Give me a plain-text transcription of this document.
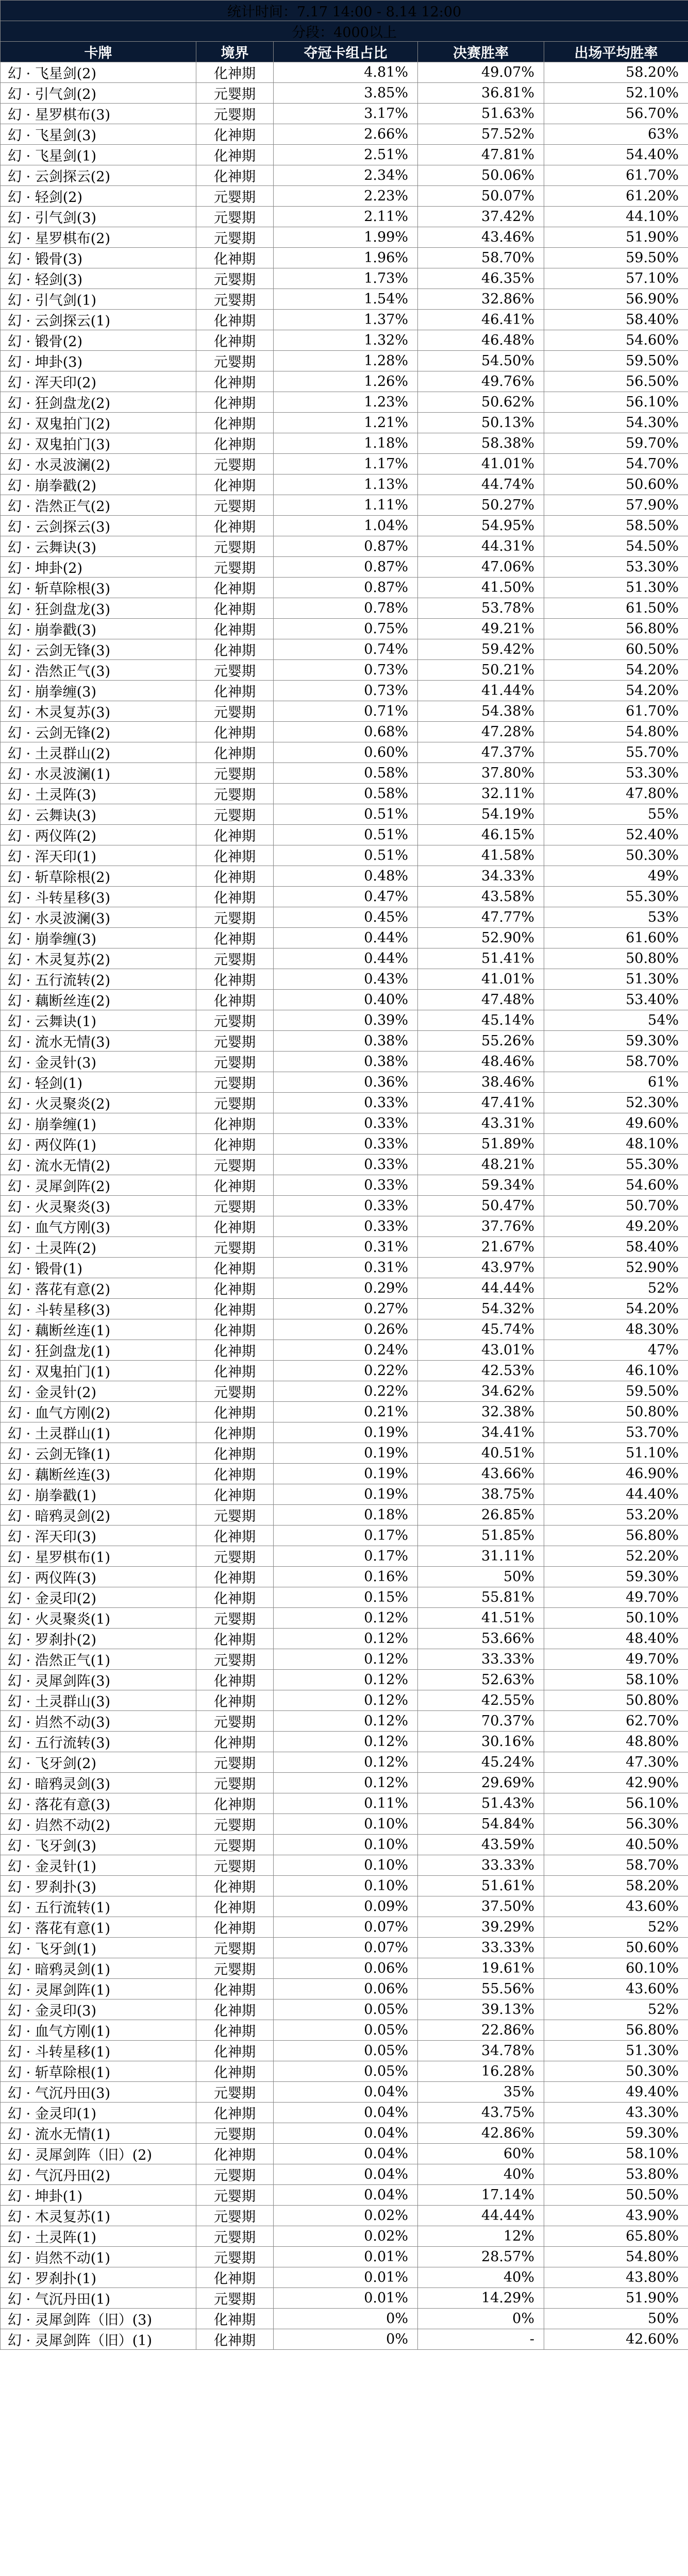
统计时间：7.17 14:00 - 8.14 12:00				
分段：4000以上				
卡牌	境界	夺冠卡组占比	决赛胜率	出场平均胜率
幻 · 飞星剑(2)	化神期	4.81%	49.07%	58.20%
幻 · 引气剑(2)	元婴期	3.85%	36.81%	52.10%
幻 · 星罗棋布(3)	元婴期	3.17%	51.63%	56.70%
幻 · 飞星剑(3)	化神期	2.66%	57.52%	63%
幻 · 飞星剑(1)	化神期	2.51%	47.81%	54.40%
幻 · 云剑探云(2)	化神期	2.34%	50.06%	61.70%
幻 · 轻剑(2)	元婴期	2.23%	50.07%	61.20%
幻 · 引气剑(3)	元婴期	2.11%	37.42%	44.10%
幻 · 星罗棋布(2)	元婴期	1.99%	43.46%	51.90%
幻 · 锻骨(3)	化神期	1.96%	58.70%	59.50%
幻 · 轻剑(3)	元婴期	1.73%	46.35%	57.10%
幻 · 引气剑(1)	元婴期	1.54%	32.86%	56.90%
幻 · 云剑探云(1)	化神期	1.37%	46.41%	58.40%
幻 · 锻骨(2)	化神期	1.32%	46.48%	54.60%
幻 · 坤卦(3)	元婴期	1.28%	54.50%	59.50%
幻 · 浑天印(2)	化神期	1.26%	49.76%	56.50%
幻 · 狂剑盘龙(2)	化神期	1.23%	50.62%	56.10%
幻 · 双鬼拍门(2)	化神期	1.21%	50.13%	54.30%
幻 · 双鬼拍门(3)	化神期	1.18%	58.38%	59.70%
幻 · 水灵波澜(2)	元婴期	1.17%	41.01%	54.70%
幻 · 崩拳戳(2)	化神期	1.13%	44.74%	50.60%
幻 · 浩然正气(2)	元婴期	1.11%	50.27%	57.90%
幻 · 云剑探云(3)	化神期	1.04%	54.95%	58.50%
幻 · 云舞诀(3)	元婴期	0.87%	44.31%	54.50%
幻 · 坤卦(2)	元婴期	0.87%	47.06%	53.30%
幻 · 斩草除根(3)	化神期	0.87%	41.50%	51.30%
幻 · 狂剑盘龙(3)	化神期	0.78%	53.78%	61.50%
幻 · 崩拳戳(3)	化神期	0.75%	49.21%	56.80%
幻 · 云剑无锋(3)	化神期	0.74%	59.42%	60.50%
幻 · 浩然正气(3)	元婴期	0.73%	50.21%	54.20%
幻 · 崩拳缠(3)	化神期	0.73%	41.44%	54.20%
幻 · 木灵复苏(3)	元婴期	0.71%	54.38%	61.70%
幻 · 云剑无锋(2)	化神期	0.68%	47.28%	54.80%
幻 · 土灵群山(2)	化神期	0.60%	47.37%	55.70%
幻 · 水灵波澜(1)	元婴期	0.58%	37.80%	53.30%
幻 · 土灵阵(3)	元婴期	0.58%	32.11%	47.80%
幻 · 云舞诀(3)	元婴期	0.51%	54.19%	55%
幻 · 两仪阵(2)	化神期	0.51%	46.15%	52.40%
幻 · 浑天印(1)	化神期	0.51%	41.58%	50.30%
幻 · 斩草除根(2)	化神期	0.48%	34.33%	49%
幻 · 斗转星移(3)	化神期	0.47%	43.58%	55.30%
幻 · 水灵波澜(3)	元婴期	0.45%	47.77%	53%
幻 · 崩拳缠(3)	化神期	0.44%	52.90%	61.60%
幻 · 木灵复苏(2)	元婴期	0.44%	51.41%	50.80%
幻 · 五行流转(2)	化神期	0.43%	41.01%	51.30%
幻 · 藕断丝连(2)	化神期	0.40%	47.48%	53.40%
幻 · 云舞诀(1)	元婴期	0.39%	45.14%	54%
幻 · 流水无情(3)	元婴期	0.38%	55.26%	59.30%
幻 · 金灵针(3)	元婴期	0.38%	48.46%	58.70%
幻 · 轻剑(1)	元婴期	0.36%	38.46%	61%
幻 · 火灵聚炎(2)	元婴期	0.33%	47.41%	52.30%
幻 · 崩拳缠(1)	化神期	0.33%	43.31%	49.60%
幻 · 两仪阵(1)	化神期	0.33%	51.89%	48.10%
幻 · 流水无情(2)	元婴期	0.33%	48.21%	55.30%
幻 · 灵犀剑阵(2)	化神期	0.33%	59.34%	54.60%
幻 · 火灵聚炎(3)	元婴期	0.33%	50.47%	50.70%
幻 · 血气方刚(3)	化神期	0.33%	37.76%	49.20%
幻 · 土灵阵(2)	元婴期	0.31%	21.67%	58.40%
幻 · 锻骨(1)	化神期	0.31%	43.97%	52.90%
幻 · 落花有意(2)	化神期	0.29%	44.44%	52%
幻 · 斗转星移(3)	化神期	0.27%	54.32%	54.20%
幻 · 藕断丝连(1)	化神期	0.26%	45.74%	48.30%
幻 · 狂剑盘龙(1)	化神期	0.24%	43.01%	47%
幻 · 双鬼拍门(1)	化神期	0.22%	42.53%	46.10%
幻 · 金灵针(2)	元婴期	0.22%	34.62%	59.50%
幻 · 血气方刚(2)	化神期	0.21%	32.38%	50.80%
幻 · 土灵群山(1)	化神期	0.19%	34.41%	53.70%
幻 · 云剑无锋(1)	化神期	0.19%	40.51%	51.10%
幻 · 藕断丝连(3)	化神期	0.19%	43.66%	46.90%
幻 · 崩拳戳(1)	化神期	0.19%	38.75%	44.40%
幻 · 暗鸦灵剑(2)	元婴期	0.18%	26.85%	53.20%
幻 · 浑天印(3)	化神期	0.17%	51.85%	56.80%
幻 · 星罗棋布(1)	元婴期	0.17%	31.11%	52.20%
幻 · 两仪阵(3)	化神期	0.16%	50%	59.30%
幻 · 金灵印(2)	化神期	0.15%	55.81%	49.70%
幻 · 火灵聚炎(1)	元婴期	0.12%	41.51%	50.10%
幻 · 罗刹扑(2)	化神期	0.12%	53.66%	48.40%
幻 · 浩然正气(1)	元婴期	0.12%	33.33%	49.70%
幻 · 灵犀剑阵(3)	化神期	0.12%	52.63%	58.10%
幻 · 土灵群山(3)	化神期	0.12%	42.55%	50.80%
幻 · 岿然不动(3)	元婴期	0.12%	70.37%	62.70%
幻 · 五行流转(3)	化神期	0.12%	30.16%	48.80%
幻 · 飞牙剑(2)	元婴期	0.12%	45.24%	47.30%
幻 · 暗鸦灵剑(3)	元婴期	0.12%	29.69%	42.90%
幻 · 落花有意(3)	化神期	0.11%	51.43%	56.10%
幻 · 岿然不动(2)	元婴期	0.10%	54.84%	56.30%
幻 · 飞牙剑(3)	元婴期	0.10%	43.59%	40.50%
幻 · 金灵针(1)	元婴期	0.10%	33.33%	58.70%
幻 · 罗刹扑(3)	化神期	0.10%	51.61%	58.20%
幻 · 五行流转(1)	化神期	0.09%	37.50%	43.60%
幻 · 落花有意(1)	化神期	0.07%	39.29%	52%
幻 · 飞牙剑(1)	元婴期	0.07%	33.33%	50.60%
幻 · 暗鸦灵剑(1)	元婴期	0.06%	19.61%	60.10%
幻 · 灵犀剑阵(1)	化神期	0.06%	55.56%	43.60%
幻 · 金灵印(3)	化神期	0.05%	39.13%	52%
幻 · 血气方刚(1)	化神期	0.05%	22.86%	56.80%
幻 · 斗转星移(1)	化神期	0.05%	34.78%	51.30%
幻 · 斩草除根(1)	化神期	0.05%	16.28%	50.30%
幻 · 气沉丹田(3)	元婴期	0.04%	35%	49.40%
幻 · 金灵印(1)	化神期	0.04%	43.75%	43.30%
幻 · 流水无情(1)	元婴期	0.04%	42.86%	59.30%
幻 · 灵犀剑阵（旧）(2)	化神期	0.04%	60%	58.10%
幻 · 气沉丹田(2)	元婴期	0.04%	40%	53.80%
幻 · 坤卦(1)	元婴期	0.04%	17.14%	50.50%
幻 · 木灵复苏(1)	元婴期	0.02%	44.44%	43.90%
幻 · 土灵阵(1)	元婴期	0.02%	12%	65.80%
幻 · 岿然不动(1)	元婴期	0.01%	28.57%	54.80%
幻 · 罗刹扑(1)	化神期	0.01%	40%	43.80%
幻 · 气沉丹田(1)	元婴期	0.01%	14.29%	51.90%
幻 · 灵犀剑阵（旧）(3)	化神期	0%	0%	50%
幻 · 灵犀剑阵（旧）(1)	化神期	0%	-	42.60%
